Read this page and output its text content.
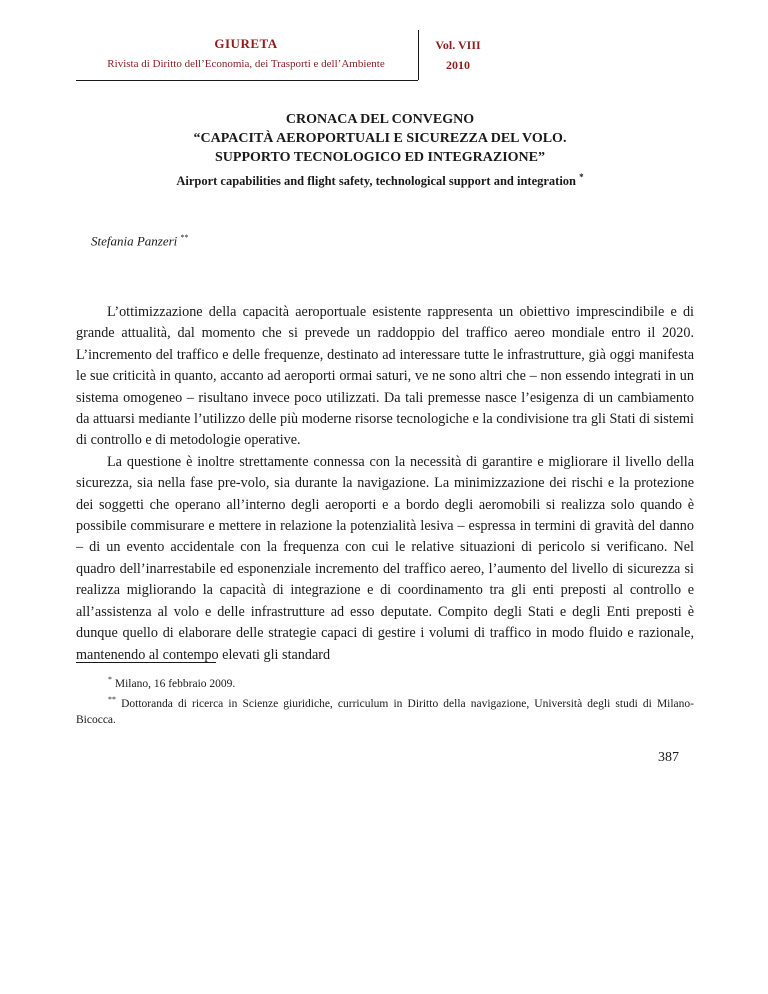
GIURETA
Rivista di Diritto dell’Economia, dei Trasporti e dell’Ambiente
Vol. VIII
2010
CRONACA DEL CONVEGNO
“CAPACITÀ AEROPORTUALI E SICUREZZA DEL VOLO.
SUPPORTO TECNOLOGICO ED INTEGRAZIONE”
Airport capabilities and flight safety, technological support and integration *
Stefania Panzeri **

L’ottimizzazione della capacità aeroportuale esistente rappresenta un obiettivo imprescindibile e di grande attualità, dal momento che si prevede un raddoppio del traffico aereo mondiale entro il 2020. L’incremento del traffico e delle frequenze, destinato ad interessare tutte le infrastrutture, già oggi manifesta le sue criticità in quanto, accanto ad aeroporti ormai saturi, ve ne sono altri che – non essendo integrati in un sistema omogeneo – risultano invece poco utilizzati. Da tali premesse nasce l’esigenza di un cambiamento da attuarsi mediante l’utilizzo delle più moderne risorse tecnologiche e la condivisione tra gli Stati di sistemi di controllo e di metodologie operative.

La questione è inoltre strettamente connessa con la necessità di garantire e migliorare il livello della sicurezza, sia nella fase pre-volo, sia durante la navigazione. La minimizzazione dei rischi e la protezione dei soggetti che operano all’interno degli aeroporti e a bordo degli aeromobili si realizza solo quando è possibile commisurare e mettere in relazione la potenzialità lesiva – espressa in termini di gravità del danno – di un evento accidentale con la frequenza con cui le relative situazioni di pericolo si verificano. Nel quadro dell’inarrestabile ed esponenziale incremento del traffico aereo, l’aumento del livello di sicurezza si realizza migliorando la capacità di integrazione e di coordinamento tra gli enti preposti al controllo e all’assistenza al volo e delle infrastrutture ad esso deputate. Compito degli Stati e degli Enti preposti è dunque quello di elaborare delle strategie capaci di gestire i volumi di traffico in modo fluido e razionale, mantenendo al contempo elevati gli standard

* Milano, 16 febbraio 2009.

** Dottoranda di ricerca in Scienze giuridiche, curriculum in Diritto della navigazione, Università degli studi di Milano-Bicocca.

387
